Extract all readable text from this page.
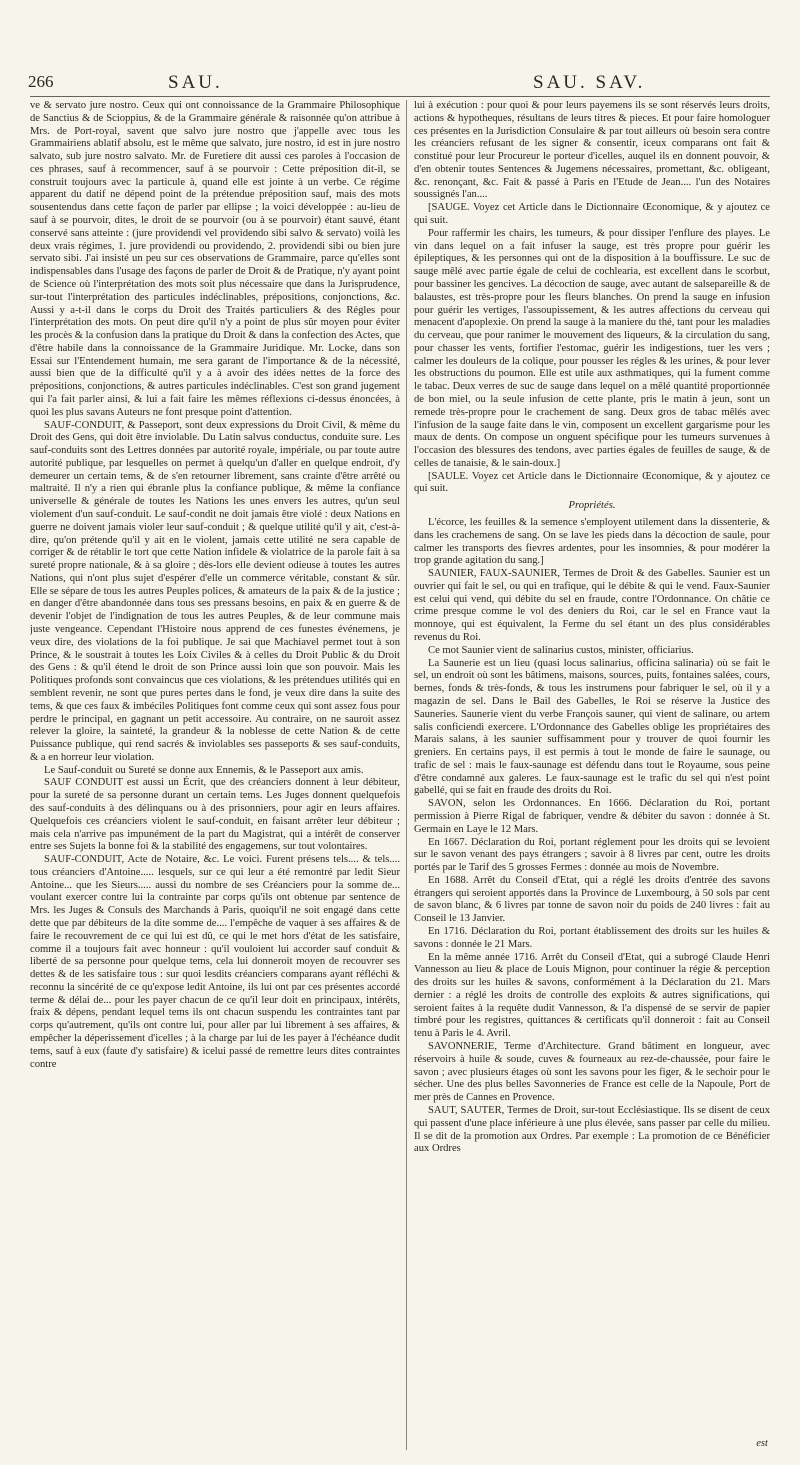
266	SAU.	SAU. SAV.

ve & servato jure nostro. Ceux qui ont connoissance de la Grammaire Philosophique de Sanctius & de Scioppius, & de la Grammaire générale & raisonnée qu'on attribue à Mrs. de Port-royal, savent que salvo jure nostro que j'appelle avec tous les Grammairiens ablatif absolu, est le même que salvato, jure nostro, id est in jure nostro salvato, sub jure nostro salvato. Mr. de Furetiere dit aussi ces paroles à l'occasion de ces phrases, sauf à recommencer, sauf à se pourvoir : Cette préposition dit-il, se construit toujours avec la particule à, quand elle est jointe à un verbe. Ce régime apparent du datif ne dépend point de la prétendue préposition sauf, mais des mots sousentendus dans cette façon de parler par ellipse ; la voici développée : au-lieu de sauf à se pourvoir, dites, le droit de se pourvoir (ou à se pourvoir) étant sauvé, étant conservé sans atteinte : (jure providendi vel providendo sibi salvo & servato) voilà les deux vrais régimes, 1. jure providendi ou providendo, 2. providendi sibi ou bien jure servato sibi. J'ai insisté un peu sur ces observations de Grammaire, parce qu'elles sont indispensables dans l'usage des façons de parler de Droit & de Pratique, n'y ayant point de Science où l'interprétation des mots soit plus nécessaire que dans la Jurisprudence, sur-tout l'interprétation des particules indéclinables, prépositions, conjonctions, &c. Aussi y a-t-il dans le corps du Droit des Traités particuliers & des Régles pour l'interprétation des mots. On peut dire qu'il n'y a point de plus sûr moyen pour éviter les procès & la confusion dans la pratique du Droit & dans la confection des Actes, que d'être habile dans la connoissance de la Grammaire Juridique. Mr. Locke, dans son Essai sur l'Entendement humain, me sera garant de l'importance & de la nécessité, aussi bien que de la difficulté qu'il y a à avoir des idées nettes de la force des prépositions, conjonctions, & autres particules indéclinables. C'est son grand jugement qui l'a fait parler ainsi, & lui a fait faire les mêmes réflexions ci-dessus énoncées, à quoi les plus savans Auteurs ne font presque point d'attention.

SAUF-CONDUIT, & Passeport, sont deux expressions du Droit Civil, & même du Droit des Gens, qui doit être inviolable. Du Latin salvus conductus, conduite sure. Les sauf-conduits sont des Lettres données par autorité royale, impériale, ou par toute autre autorité publique, par lesquelles on permet à quelqu'un d'aller en quelque endroit, d'y demeurer un certain tems, & de s'en retourner librement, sans crainte d'être arrêté ou maltraité. Il n'y a rien qui ébranle plus la confiance publique, & même la confiance universelle & générale de toutes les Nations les unes envers les autres, qu'un seul violement d'un sauf-conduit. Le sauf-condit ne doit jamais être violé : deux Nations en guerre ne doivent jamais violer leur sauf-conduit ; & quelque utilité qu'il y ait, c'est-à-dire, qu'on prétende qu'il y ait en le violent, jamais cette utilité ne sera capable de corriger & de rétablir le tort que cette Nation infidele & violatrice de la parole fait à sa sureté propre nationale, & à sa gloire ; dès-lors elle devient odieuse à toutes les autres Nations, qui n'ont plus sujet d'espérer d'elle un commerce véritable, constant & sûr. Elle se sépare de tous les autres Peuples polices, & amateurs de la paix & de la justice ; en danger d'être abandonnée dans tous ses pressans besoins, en paix & en guerre & de devenir l'objet de l'indignation de tous les autres Peuples, & de leur commune mais juste vengeance. Cependant l'Histoire nous apprend de ces funestes événemens, je veux dire, des violations de la foi publique. Je sai que Machiavel permet tout à son Prince, & le soustrait à toutes les Loix Civiles & à celles du Droit Public & du Droit des Gens : & qu'il étend le droit de son Prince aussi loin que son pouvoir. Mais les Politiques profonds sont convaincus que ces violations, & les prétendues utilités qui en semblent revenir, ne sont que pures pertes dans le fond, je veux dire dans la suite des tems, & que ces faux & imbéciles Politiques font comme ceux qui sont assez fous pour perdre le principal, en gagnant un petit accessoire. Au contraire, on ne sauroit assez relever la gloire, la sainteté, la grandeur & la noblesse de cette Nation & de cette Puissance publique, qui rend sacrés & inviolables ses passeports & ses sauf-conduits, & a en horreur leur violation.

Le Sauf-conduit ou Sureté se donne aux Ennemis, & le Passeport aux amis.

SAUF CONDUIT est aussi un Écrit, que des créanciers donnent à leur débiteur, pour la sureté de sa personne durant un certain tems. Les Juges donnent quelquefois des sauf-conduits à des délinquans ou à des prisonniers, pour agir en leurs affaires. Quelquefois ces créanciers violent le sauf-conduit, en faisant arrêter leur débiteur ; mais cela n'arrive pas impunément de la part du Magistrat, qui a intérêt de conserver entre ses Sujets la bonne foi & la stabilité des engagemens, sur tout volontaires.

SAUF-CONDUIT, Acte de Notaire, &c. Le voici. Furent présens tels.... & tels.... tous créanciers d'Antoine..... lesquels, sur ce qui leur a été remontré par ledit Sieur Antoine... que les Sieurs..... aussi du nombre de ses Créanciers pour la somme de... voulant exercer contre lui la contrainte par corps qu'ils ont obtenue par sentence de Mrs. les Juges & Consuls des Marchands à Paris, quoiqu'il ne soit engagé dans cette dette que par débiteurs de la dite somme de.... l'empêche de vaquer à ses affaires & de faire le recouvrement de ce qui lui est dû, ce qui le met hors d'état de les satisfaire, comme il a toujours fait avec honneur : qu'il vouloient lui accorder sauf conduit & liberté de sa personne pour quelque tems, cela lui donneroit moyen de recouvrer ses dettes & de les satisfaire tous : sur quoi lesdits créanciers comparans ayant réfléchi & reconnu la sincérité de ce qu'expose ledit Antoine, ils lui ont par ces présentes accordé terme & délai de... pour les payer chacun de ce qu'il leur doit en principaux, intérêts, fraix & dépens, pendant lequel tems ils ont chacun suspendu les contraintes tant par corps qu'autrement, qu'ils ont contre lui, pour aller par lui librement à ses affaires, & empêcher la déperissement d'icelles ; à la charge par lui de les payer à l'échéance dudit tems, sauf à eux (faute d'y satisfaire) & icelui passé de remettre leurs dites contraintes contre

lui à exécution : pour quoi & pour leurs payemens ils se sont réservés leurs droits, actions & hypotheques, résultans de leurs titres & pieces. Et pour faire homologuer ces présentes en la Jurisdiction Consulaire & par tout ailleurs où besoin sera contre les créanciers refusant de les signer & consentir, iceux comparans ont fait & constitué pour leur Procureur le porteur d'icelles, auquel ils en donnent pouvoir, & d'en obtenir toutes Sentences & Jugemens nécessaires, promettant, &c. obligeant, &c. renonçant, &c. Fait & passé à Paris en l'Etude de Jean.... l'un des Notaires soussignés l'an....

[SAUGE. Voyez cet Article dans le Dictionnaire Œconomique, & y ajoutez ce qui suit.

Pour raffermir les chairs, les tumeurs, & pour dissiper l'enflure des playes. Le vin dans lequel on a fait infuser la sauge, est très propre pour guérir les épileptiques, & les personnes qui ont de la disposition à la bouffissure. Le suc de sauge mêlé avec partie égale de celui de cochlearia, est excellent dans le scorbut, pour bassiner les gencives. La décoction de sauge, avec autant de salsepareille & de balaustes, est très-propre pour les fleurs blanches. On prend la sauge en infusion pour guérir les vertiges, l'assoupissement, & les autres affections du cerveau qui menacent d'apoplexie. On prend la sauge à la maniere du thé, tant pour les maladies du cerveau, que pour ranimer le mouvement des liqueurs, & la circulation du sang, pour chasser les vents, fortifier l'estomac, guérir les indigestions, tuer les vers ; calmer les douleurs de la colique, pour pousser les régles & les urines, & pour lever les obstructions du poumon. Elle est utile aux asthmatiques, qui la fument comme le tabac. Deux verres de suc de sauge dans lequel on a mêlé quantité proportionnée de bon miel, ou la seule infusion de cette plante, pris le matin à jeun, sont un remede très-propre pour le crachement de sang. Deux gros de tabac mêlés avec l'infusion de la sauge faite dans le vin, composent un excellent gargarisme pour les maux de dents. On compose un onguent spécifique pour les tumeurs survenues à l'occasion des blessures des tendons, avec parties égales de feuilles de sauge, & de celles de tanaisie, & le sain-doux.]

[SAULE. Voyez cet Article dans le Dictionnaire Œconomique, & y ajoutez ce qui suit.

Propriétés.

L'écorce, les feuilles & la semence s'employent utilement dans la dissenterie, & dans les crachemens de sang. On se lave les pieds dans la décoction de saule, pour calmer les transports des fievres ardentes, pour les insomnies, & pour modérer la trop grande agitation du sang.]

SAUNIER, FAUX-SAUNIER, Termes de Droit & des Gabelles. Saunier est un ouvrier qui fait le sel, ou qui en trafique, qui le débite & qui le vend. Faux-Saunier est celui qui vend, qui débite du sel en fraude, contre l'Ordonnance. On châtie ce crime presque comme le vol des deniers du Roi, car le sel en France vaut la monnoye, qui est équivalent, la Ferme du sel étant un des plus considérables revenus du Roi.

Ce mot Saunier vient de salinarius custos, minister, officiarius.

La Saunerie est un lieu (quasi locus salinarius, officina salinaria) où se fait le sel, un endroit où sont les bâtimens, maisons, sources, puits, fontaines salées, cours, bernes, fonds & très-fonds, & tous les instrumens pour fabriquer le sel, où il y a magazin de sel. Dans le Bail des Gabelles, le Roi se réserve la Justice des Sauneries. Saunerie vient du verbe François sauner, qui vient de salinare, ou artem salis conficiendi exercere. L'Ordonnance des Gabelles oblige les propriétaires des Marais salans, à les saunier suffisamment pour y trouver de quoi fournir les greniers. En certains pays, il est permis à tout le monde de faire le saunage, ou trafic de sel : mais le faux-saunage est défendu dans tout le Royaume, sous peine d'être condamné aux galeres. Le faux-saunage est le trafic du sel qui n'est point gabellé, qui se fait en fraude des droits du Roi.

SAVON, selon les Ordonnances. En 1666. Déclaration du Roi, portant permission à Pierre Rigal de fabriquer, vendre & débiter du savon : donnée à St. Germain en Laye le 12 Mars.

En 1667. Déclaration du Roi, portant réglement pour les droits qui se levoient sur le savon venant des pays étrangers ; savoir à 8 livres par cent, outre les droits portés par le Tarif des 5 grosses Fermes : donnée au mois de Novembre.

En 1688. Arrêt du Conseil d'Etat, qui a réglé les droits d'entrée des savons étrangers qui seroient apportés dans la Province de Luxembourg, à 50 sols par cent de savon blanc, & 6 livres par tonne de savon noir du poids de 240 livres : fait au Conseil le 13 Janvier.

En 1716. Déclaration du Roi, portant établissement des droits sur les huiles & savons : donnée le 21 Mars.

En la même année 1716. Arrêt du Conseil d'Etat, qui a subrogé Claude Henri Vannesson au lieu & place de Louis Mignon, pour continuer la régie & perception des droits sur les huiles & savons, conformément à la Déclaration du 21. Mars dernier : a réglé les droits de controlle des exploits & autres significations, qui seroient faites à la requête dudit Vannesson, & l'a dispensé de se servir de papier timbré pour les registres, quittances & certificats qu'il donneroit : fait au Conseil tenu à Paris le 4. Avril.

SAVONNERIE, Terme d'Architecture. Grand bâtiment en longueur, avec réservoirs à huile & soude, cuves & fourneaux au rez-de-chaussée, pour faire le savon ; avec plusieurs étages où sont les savons pour les figer, & le sechoir pour le sécher. Une des plus belles Savonneries de France est celle de la Napoule, Port de mer près de Cannes en Provence.

SAUT, SAUTER, Termes de Droit, sur-tout Ecclésiastique. Ils se disent de ceux qui passent d'une place inférieure à une plus élevée, sans passer par celle du milieu. Il se dit de la promotion aux Ordres. Par exemple : La promotion de ce Bénéficier aux Ordres

est
